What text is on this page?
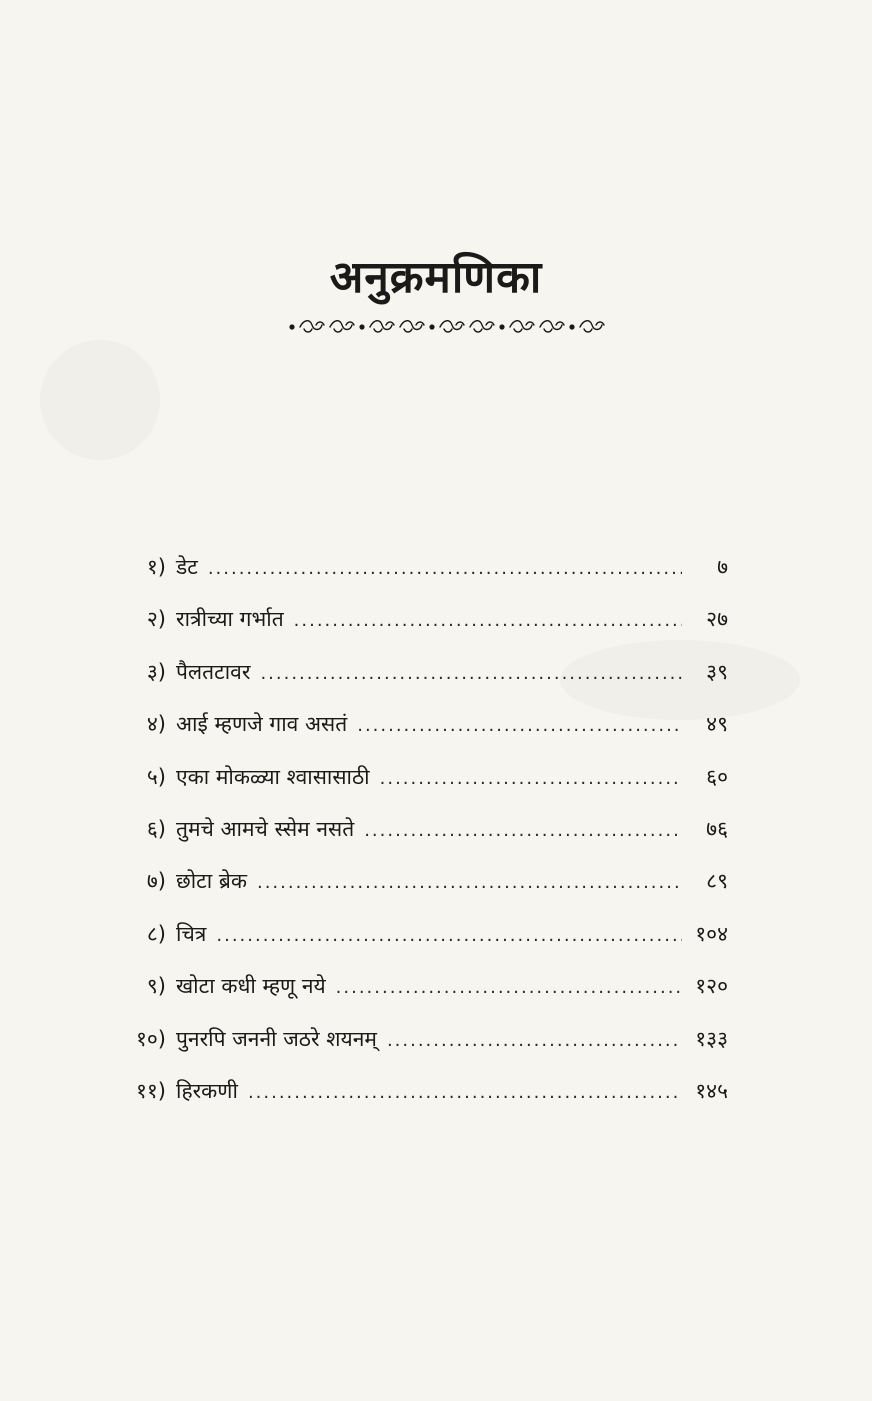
अनुक्रमणिका
१) डेट .....	७
२) रात्रीच्या गर्भात .....	२७
३) पैलतटावर .....	३९
४) आई म्हणजे गाव असतं .....	४९
५) एका मोकळ्या श्वासासाठी .....	६०
६) तुमचे आमचे स्सेम नसते .....	७६
७) छोटा ब्रेक .....	८९
८) चित्र .....	१०४
९) खोटा कधी म्हणू नये .....	१२०
१०) पुनरपि जननी जठरे शयनम् .....	१३३
११) हिरकणी .....	१४५
